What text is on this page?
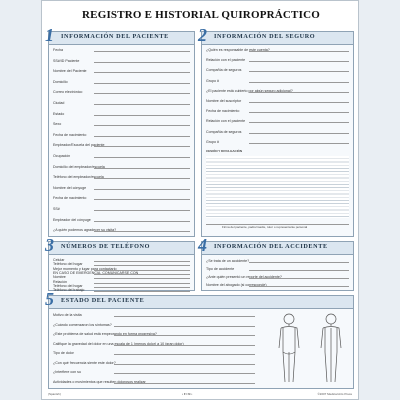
REGISTRO E HISTORIAL QUIROPRÁCTICO
1 INFORMACIÓN DEL PACIENTE
Fecha
SS#/ID Paciente
Nombre del Paciente
Domicilio
Correo electrónico
Ciudad
Estado
Sexo
Fecha de nacimiento
Empleador/Escuela del paciente
Ocupación
Domicilio del empleador/escuela
Teléfono del empleador/escuela
Nombre del cónyuge
Fecha de nacimiento
SS#
Empleador del cónyuge
¿A quién podemos agradecer su visita?
2 INFORMACIÓN DEL SEGURO
¿Quién es responsable de este cuenta?
Relación con el paciente
Compañía de seguros
Grupo #
¿El paciente está cubierto por algún seguro adicional?
Nombre del suscriptor
Fecha de nacimiento
Relación con el paciente
Compañía de seguros
Grupo #
CESIÓN Y DIVULGACIÓN
Firma del paciente, padre/madre, tutor o representante personal
3 NÚMEROS DE TELÉFONO
Celular
Teléfono del hogar
Mejor momento y lugar para contactarlo
EN CASO DE EMERGENCIA, COMUNICARSE CON
Nombre
Relación
Teléfono del hogar
Teléfono del trabajo
4 INFORMACIÓN DEL ACCIDENTE
¿Se trata de un accidente?
Tipo de accidente
¿Ante quién presentó un reporte del accidente?
Nombre del abogado (si corresponde)
5 ESTADO DEL PACIENTE
Motivo de la visita
¿Cuándo comenzaron los síntomas?
¿Este problema de salud está empeorando en forma progresiva?
Califique la gravedad del dolor en una escala de 1 (menos dolor) a 10 (gran dolor)
Tipo de dolor
¿Con qué frecuencia siente este dolor?
¿Interfiere con su
Actividades o movimientos que resulten dolorosos realizar
(Spanish)	• F I N •	©2007 Medical Arts Press
